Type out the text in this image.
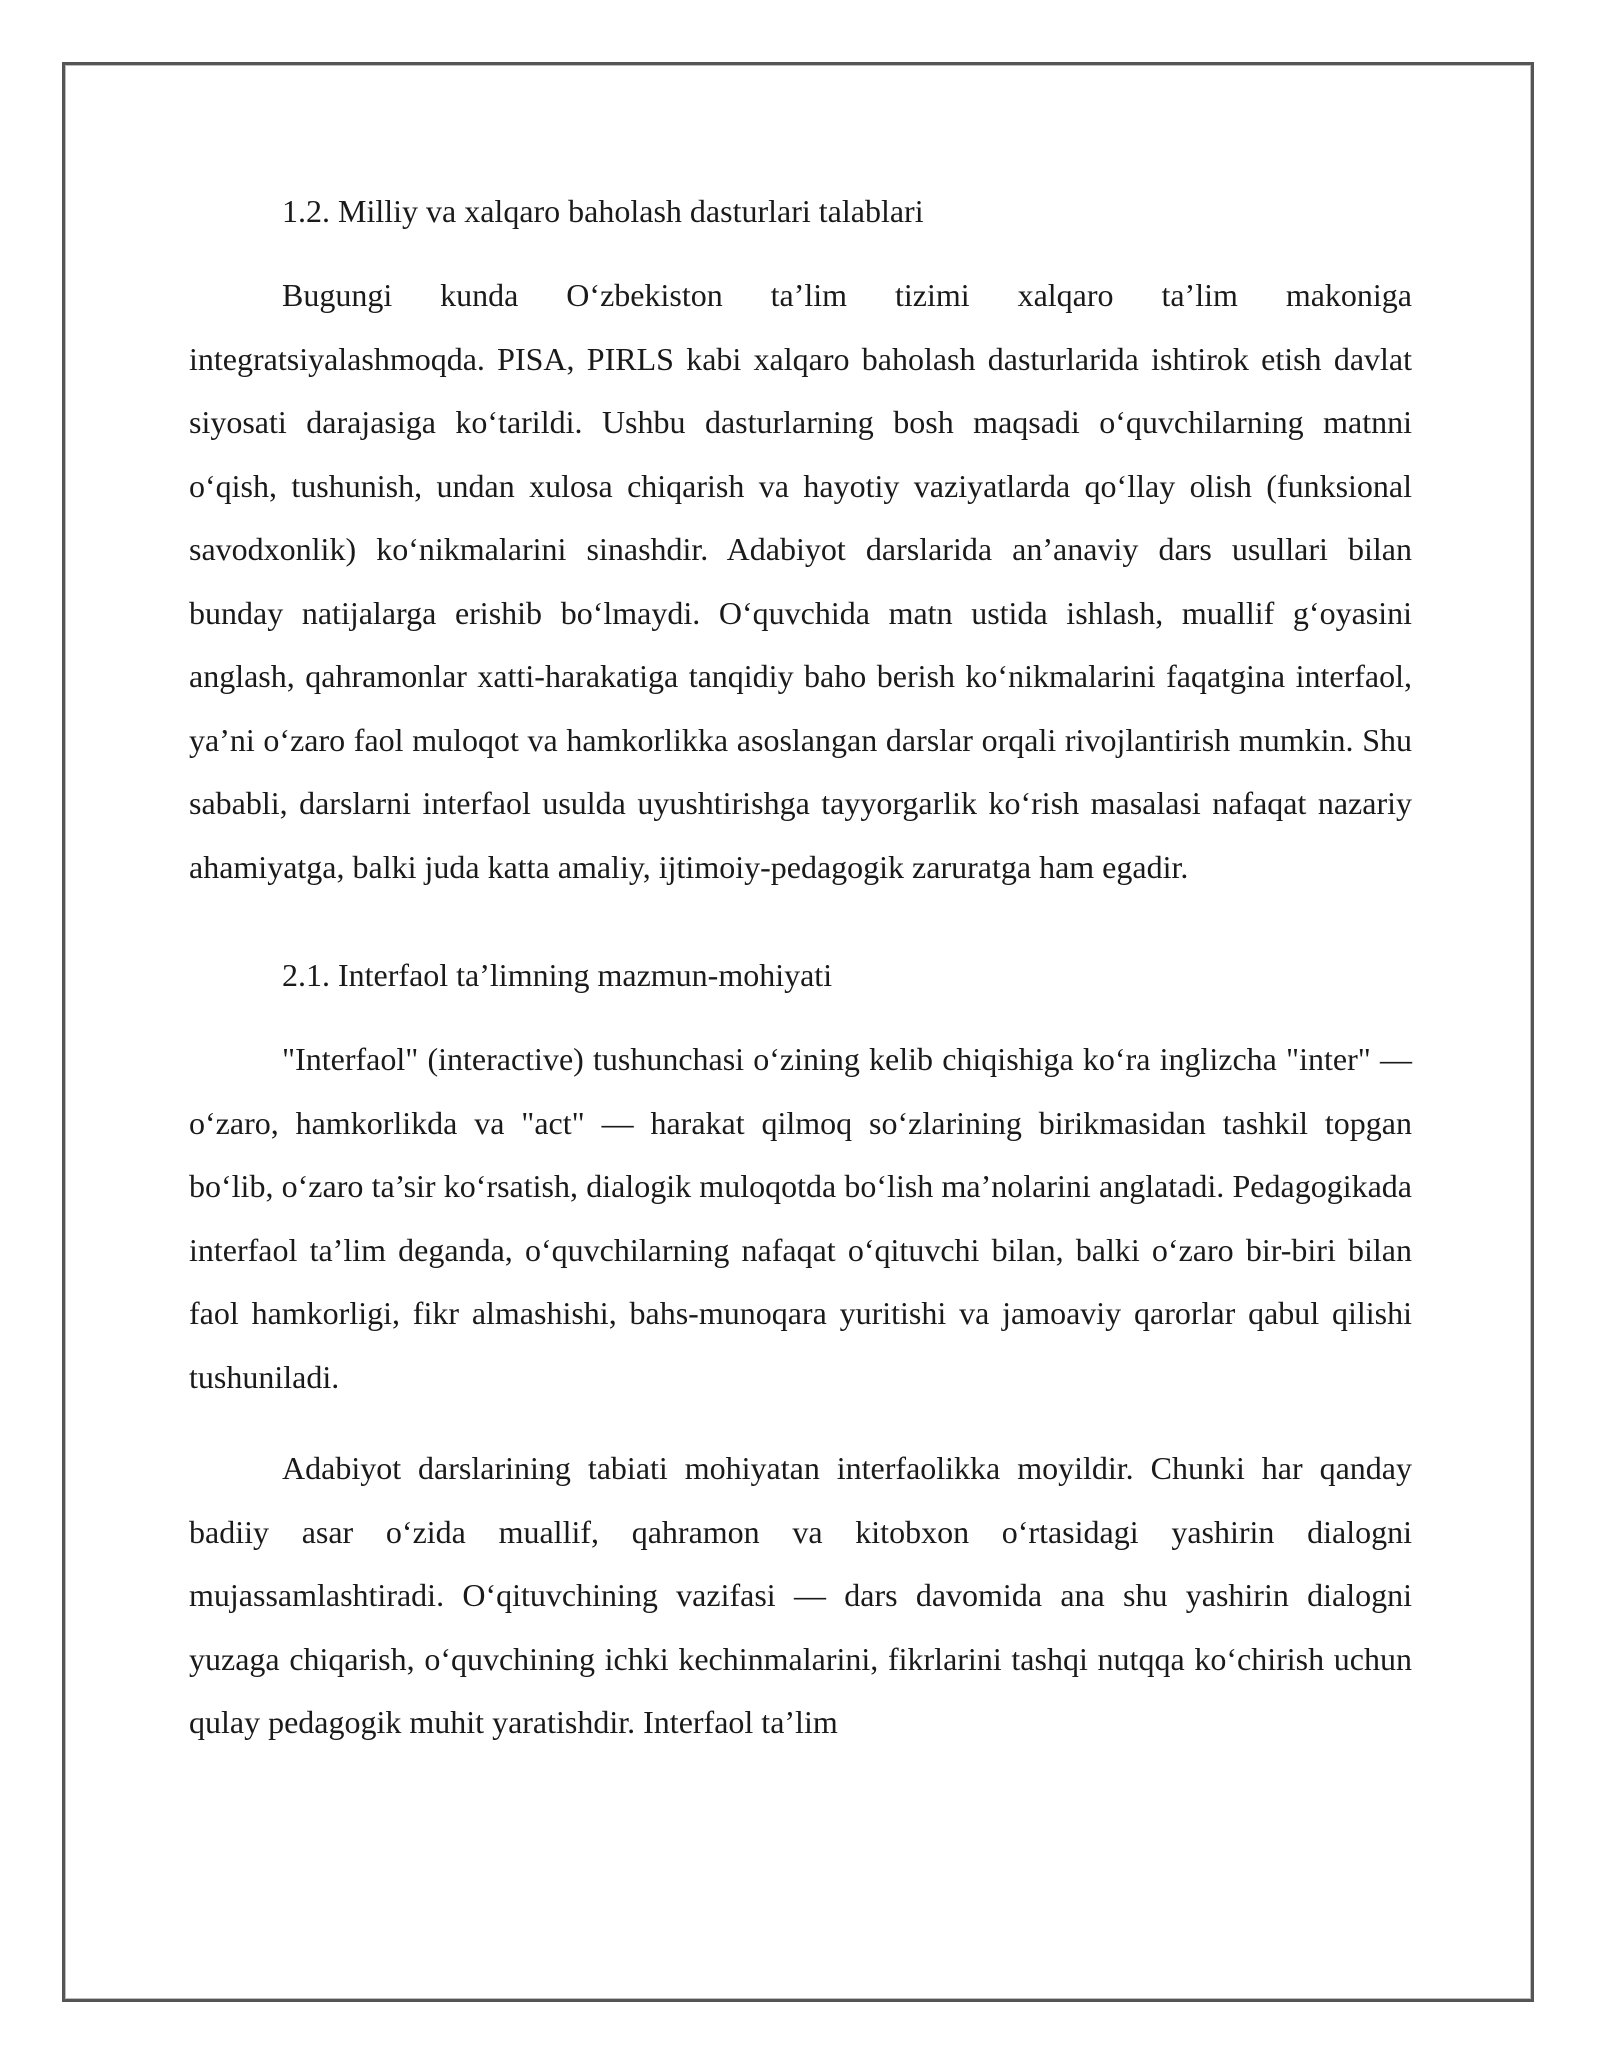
1.2. Milliy va xalqaro baholash dasturlari talablari

Bugungi kunda O‘zbekiston ta’lim tizimi xalqaro ta’lim makoniga integratsiyalashmoqda. PISA, PIRLS kabi xalqaro baholash dasturlarida ishtirok etish davlat siyosati darajasiga ko‘tarildi. Ushbu dasturlarning bosh maqsadi o‘quvchilarning matnni o‘qish, tushunish, undan xulosa chiqarish va hayotiy vaziyatlarda qo‘llay olish (funksional savodxonlik) ko‘nikmalarini sinashdir. Adabiyot darslarida an’anaviy dars usullari bilan bunday natijalarga erishib bo‘lmaydi. O‘quvchida matn ustida ishlash, muallif g‘oyasini anglash, qahramonlar xatti-harakatiga tanqidiy baho berish ko‘nikmalarini faqatgina interfaol, ya’ni o‘zaro faol muloqot va hamkorlikka asoslangan darslar orqali rivojlantirish mumkin. Shu sababli, darslarni interfaol usulda uyushtirishga tayyorgarlik ko‘rish masalasi nafaqat nazariy ahamiyatga, balki juda katta amaliy, ijtimoiy-pedagogik zaruratga ham egadir.

2.1. Interfaol ta’limning mazmun-mohiyati

"Interfaol" (interactive) tushunchasi o‘zining kelib chiqishiga ko‘ra inglizcha "inter" — o‘zaro, hamkorlikda va "act" — harakat qilmoq so‘zlarining birikmasidan tashkil topgan bo‘lib, o‘zaro ta’sir ko‘rsatish, dialogik muloqotda bo‘lish ma’nolarini anglatadi. Pedagogikada interfaol ta’lim deganda, o‘quvchilarning nafaqat o‘qituvchi bilan, balki o‘zaro bir-biri bilan faol hamkorligi, fikr almashishi, bahs-munoqara yuritishi va jamoaviy qarorlar qabul qilishi tushuniladi.

Adabiyot darslarining tabiati mohiyatan interfaolikka moyildir. Chunki har qanday badiiy asar o‘zida muallif, qahramon va kitobxon o‘rtasidagi yashirin dialogni mujassamlashtiradi. O‘qituvchining vazifasi — dars davomida ana shu yashirin dialogni yuzaga chiqarish, o‘quvchining ichki kechinmalarini, fikrlarini tashqi nutqqa ko‘chirish uchun qulay pedagogik muhit yaratishdir. Interfaol ta’lim
